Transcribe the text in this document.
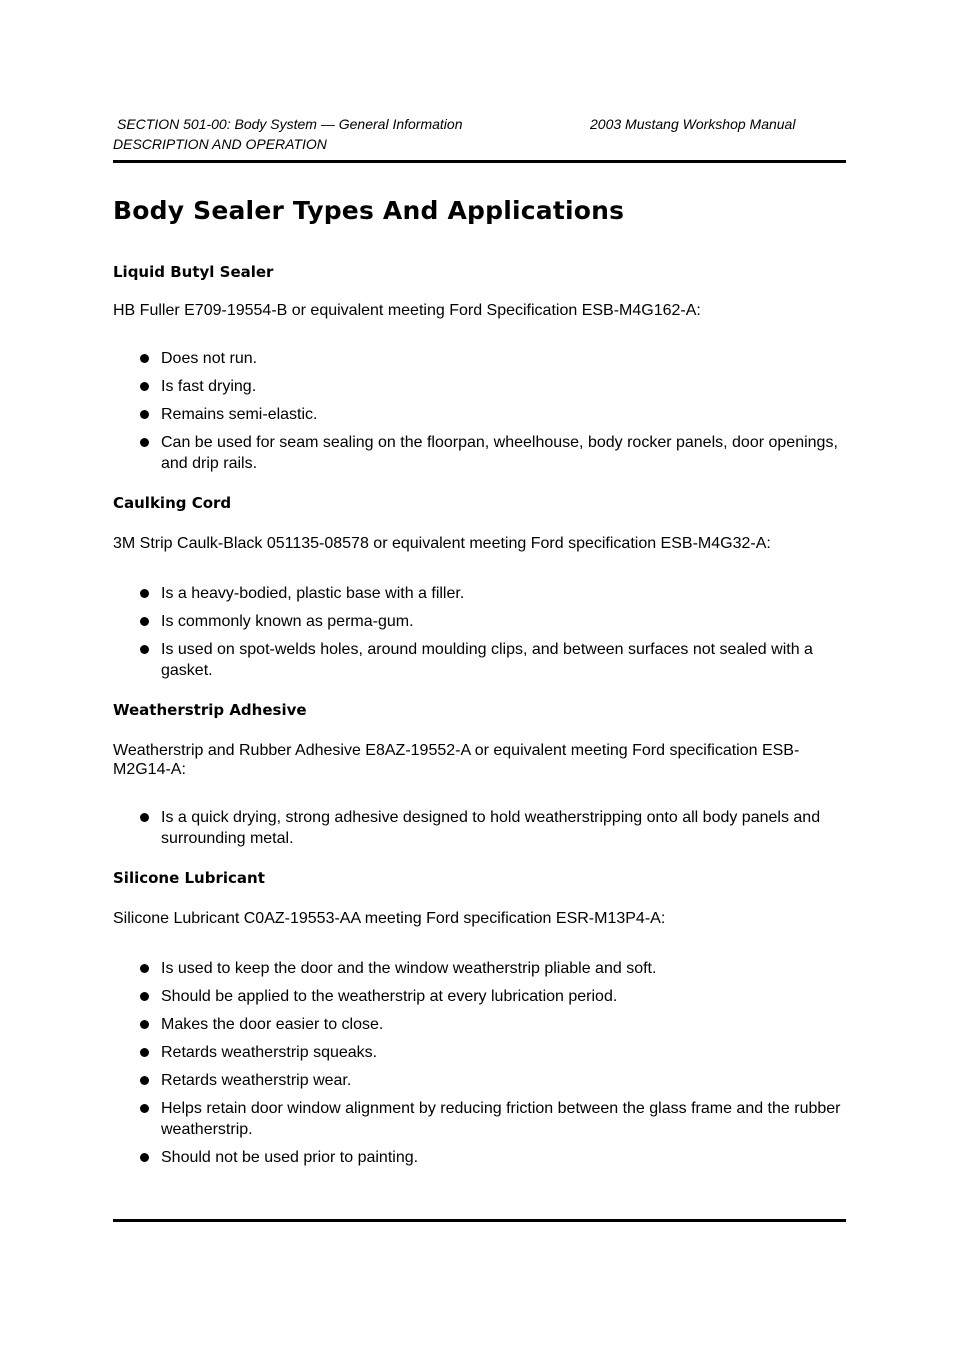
SECTION 501-00: Body System — General Information	2003 Mustang Workshop Manual
DESCRIPTION AND OPERATION
Body Sealer Types And Applications
Liquid Butyl Sealer

HB Fuller E709-19554-B or equivalent meeting Ford Specification ESB-M4G162-A:

Does not run.
Is fast drying.
Remains semi-elastic.
Can be used for seam sealing on the floorpan, wheelhouse, body rocker panels, door openings, and drip rails.
Caulking Cord

3M Strip Caulk-Black 051135-08578 or equivalent meeting Ford specification ESB-M4G32-A:

Is a heavy-bodied, plastic base with a filler.
Is commonly known as perma-gum.
Is used on spot-welds holes, around moulding clips, and between surfaces not sealed with a gasket.
Weatherstrip Adhesive

Weatherstrip and Rubber Adhesive E8AZ-19552-A or equivalent meeting Ford specification ESB-M2G14-A:

Is a quick drying, strong adhesive designed to hold weatherstripping onto all body panels and surrounding metal.
Silicone Lubricant

Silicone Lubricant C0AZ-19553-AA meeting Ford specification ESR-M13P4-A:

Is used to keep the door and the window weatherstrip pliable and soft.
Should be applied to the weatherstrip at every lubrication period.
Makes the door easier to close.
Retards weatherstrip squeaks.
Retards weatherstrip wear.
Helps retain door window alignment by reducing friction between the glass frame and the rubber weatherstrip.
Should not be used prior to painting.
